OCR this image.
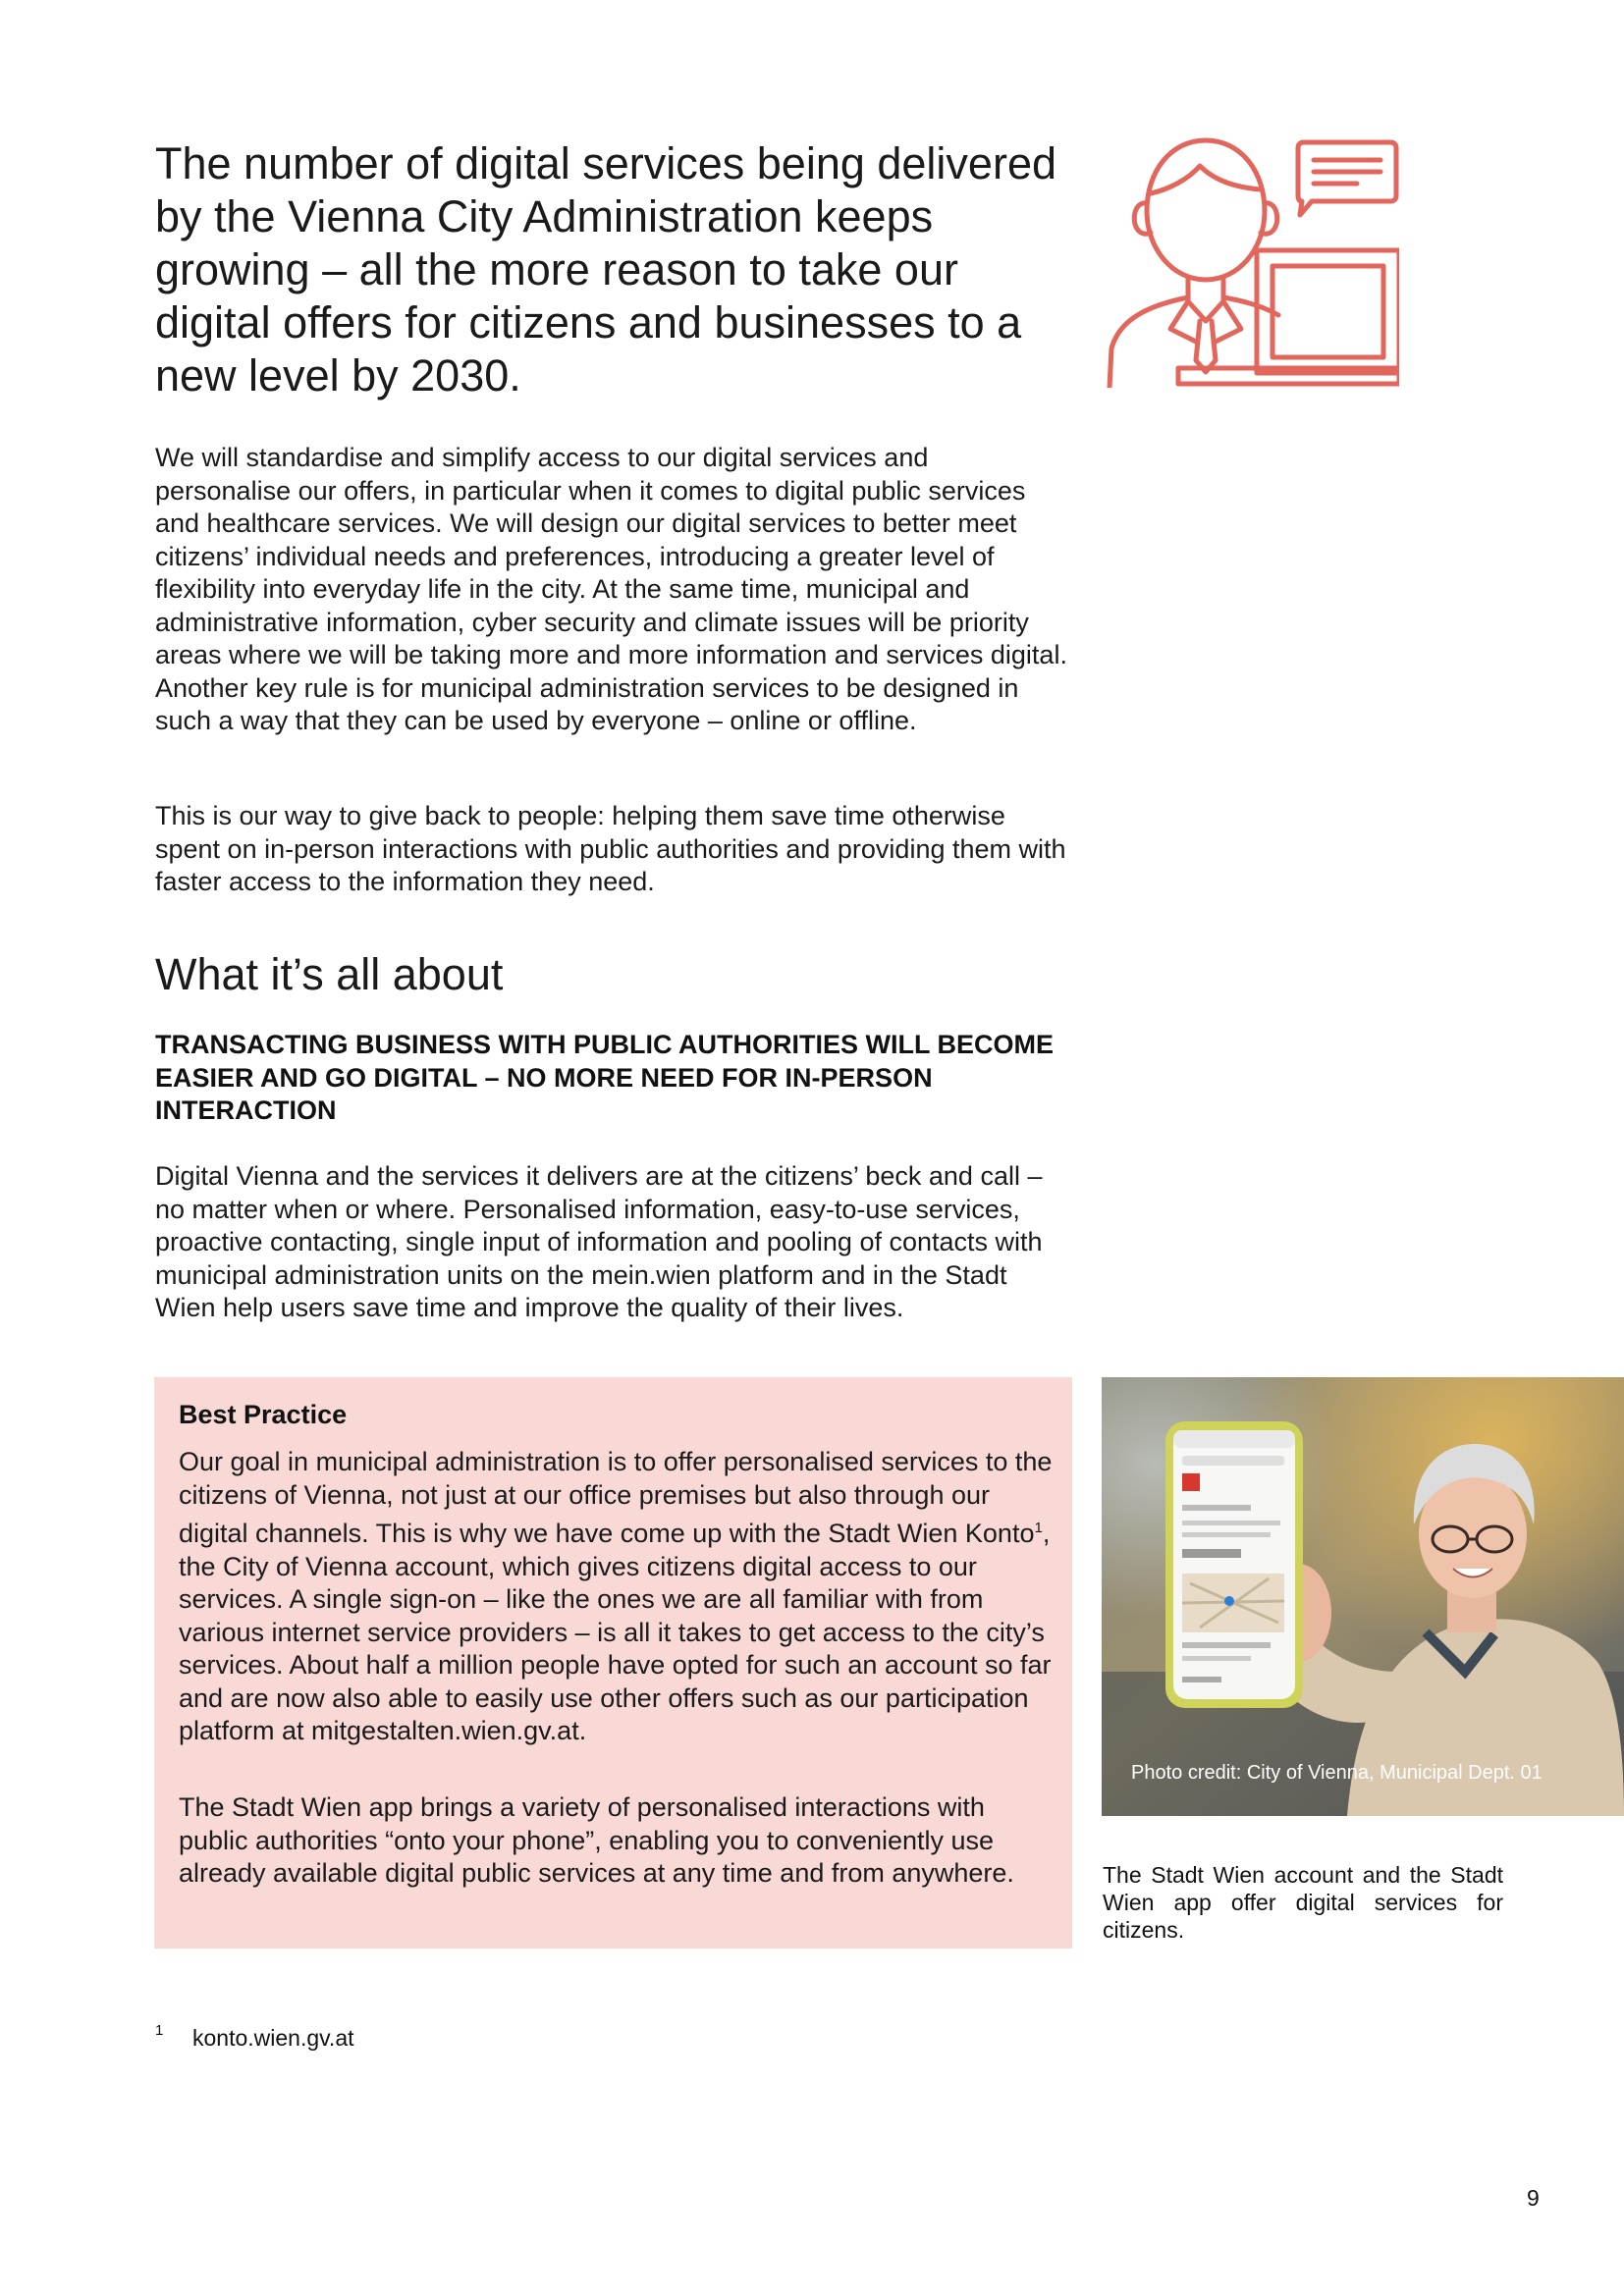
The number of digital services being delivered by the Vienna City Administration keeps growing – all the more reason to take our digital offers for citizens and businesses to a new level by 2030.

We will standardise and simplify access to our digital services and personalise our offers, in particular when it comes to digital public services and healthcare services. We will design our digital services to better meet citizens’ individual needs and preferences, introducing a greater level of flexibility into everyday life in the city. At the same time, municipal and administrative information, cyber security and climate issues will be priority areas where we will be taking more and more information and services digital. Another key rule is for municipal administration services to be designed in such a way that they can be used by everyone – online or offline.

This is our way to give back to people: helping them save time otherwise spent on in-person interactions with public authorities and providing them with faster access to the information they need.

What it’s all about
TRANSACTING BUSINESS WITH PUBLIC AUTHORITIES WILL BECOME EASIER AND GO DIGITAL – NO MORE NEED FOR IN-PERSON INTERACTION

Digital Vienna and the services it delivers are at the citizens’ beck and call – no matter when or where. Personalised information, easy-to-use services, proactive contacting, single input of information and pooling of contacts with municipal administration units on the mein.wien platform and in the Stadt Wien help users save time and improve the quality of their lives.

Best Practice

Our goal in municipal administration is to offer personalised services to the citizens of Vienna, not just at our office premises but also through our digital channels. This is why we have come up with the Stadt Wien Konto$^1$, the City of Vienna account, which gives citizens digital access to our services. A single sign-on – like the ones we are all familiar with from various internet service providers – is all it takes to get access to the city’s services. About half a million people have opted for such an account so far and are now also able to easily use other offers such as our participation platform at mitgestalten.wien.gv.at.

The Stadt Wien app brings a variety of personalised interactions with public authorities “onto your phone”, enabling you to conveniently use already available digital public services at any time and from anywhere.

Photo credit: City of Vienna, Municipal Dept. 01

The Stadt Wien account and the Stadt Wien app offer digital services for citizens.

1 konto.wien.gv.at

9
